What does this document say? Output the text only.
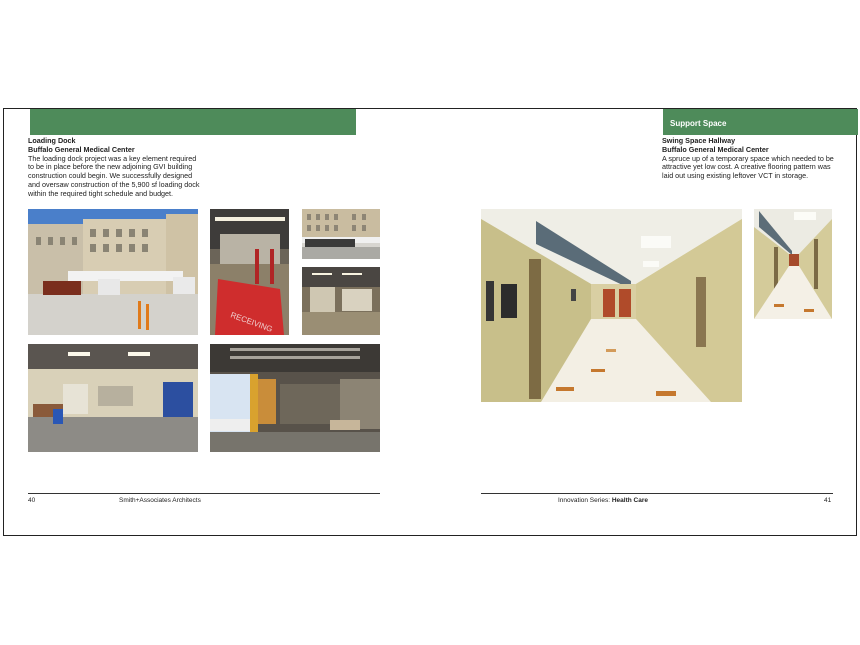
Loading Dock
Buffalo General Medical Center
The loading dock project was a key element required to be in place before the new adjoining GVI building construction could begin. We successfully designed and oversaw construction of the 5,900 sf loading dock within the required tight schedule and budget.
RECEIVING
40	Smith+Associates Architects
Support Space
Swing Space Hallway
Buffalo General Medical Center
A spruce up of a temporary space which needed to be attractive yet low cost. A creative flooring pattern was laid out using existing leftover VCT in storage.
Innovation Series: Health Care	41
